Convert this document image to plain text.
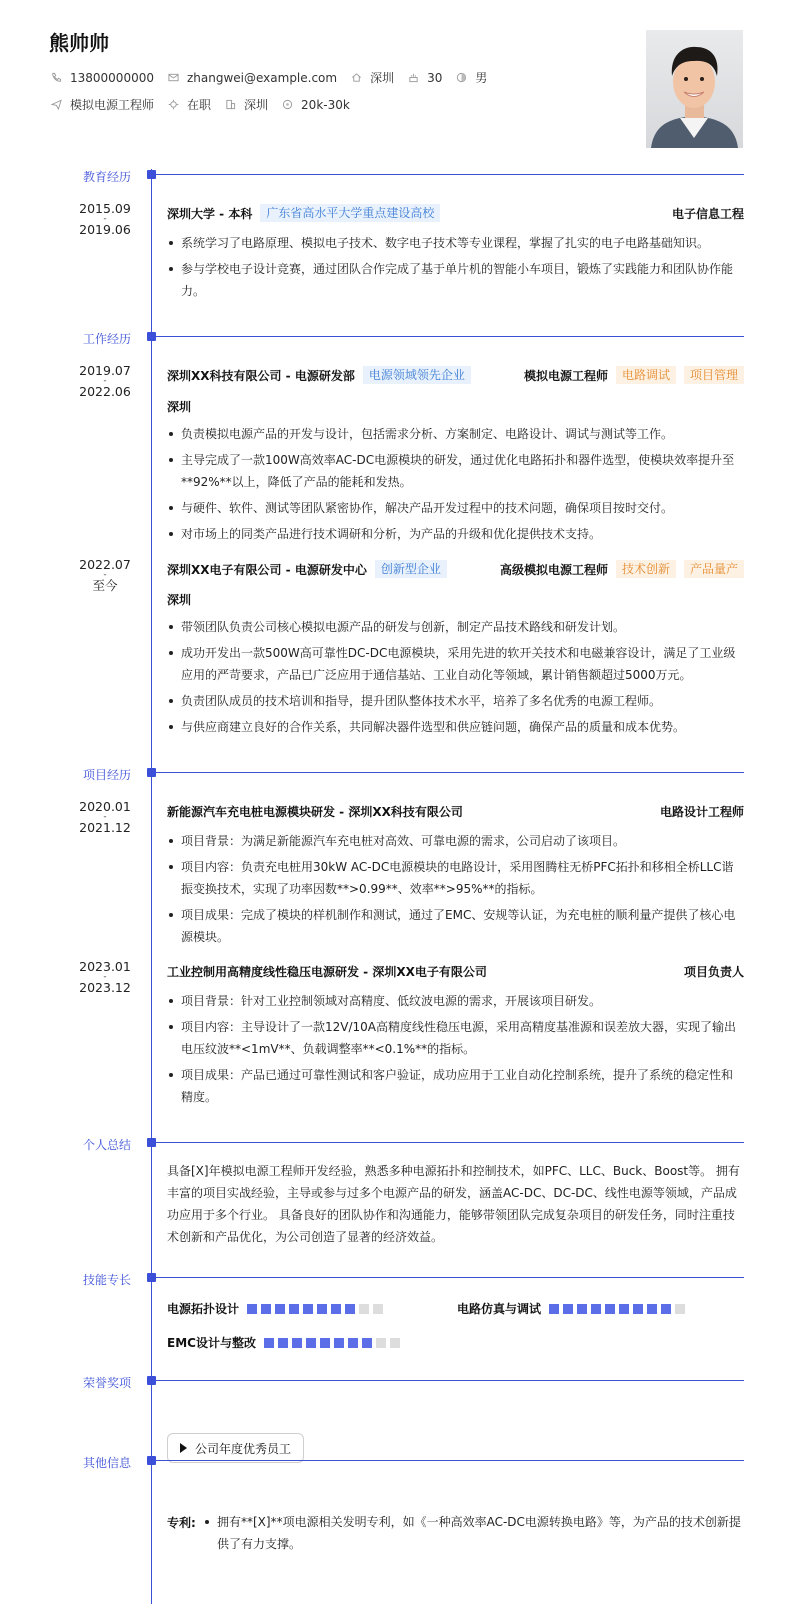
熊帅帅
13800000000	zhangwei@example.com	深圳	30	男
模拟电源工程师	在职	深圳	20k-30k
教育经历
2015.09
-
2019.06
深圳大学 - 本科	广东省高水平大学重点建设高校	电子信息工程
系统学习了电路原理、模拟电子技术、数字电子技术等专业课程，掌握了扎实的电子电路基础知识。
参与学校电子设计竞赛，通过团队合作完成了基于单片机的智能小车项目，锻炼了实践能力和团队协作能力。
工作经历
2019.07
-
2022.06
深圳XX科技有限公司 - 电源研发部	电源领域领先企业	模拟电源工程师	电路调试	项目管理
深圳
负责模拟电源产品的开发与设计，包括需求分析、方案制定、电路设计、调试与测试等工作。
主导完成了一款100W高效率AC-DC电源模块的研发，通过优化电路拓扑和器件选型，使模块效率提升至**92%**以上，降低了产品的能耗和发热。
与硬件、软件、测试等团队紧密协作，解决产品开发过程中的技术问题，确保项目按时交付。
对市场上的同类产品进行技术调研和分析，为产品的升级和优化提供技术支持。
2022.07
-
至今
深圳XX电子有限公司 - 电源研发中心	创新型企业	高级模拟电源工程师	技术创新	产品量产
深圳
带领团队负责公司核心模拟电源产品的研发与创新，制定产品技术路线和研发计划。
成功开发出一款500W高可靠性DC-DC电源模块，采用先进的软开关技术和电磁兼容设计，满足了工业级应用的严苛要求，产品已广泛应用于通信基站、工业自动化等领域，累计销售额超过5000万元。
负责团队成员的技术培训和指导，提升团队整体技术水平，培养了多名优秀的电源工程师。
与供应商建立良好的合作关系，共同解决器件选型和供应链问题，确保产品的质量和成本优势。
项目经历
2020.01
-
2021.12
新能源汽车充电桩电源模块研发 - 深圳XX科技有限公司	电路设计工程师
项目背景：为满足新能源汽车充电桩对高效、可靠电源的需求，公司启动了该项目。
项目内容：负责充电桩用30kW AC-DC电源模块的电路设计，采用图腾柱无桥PFC拓扑和移相全桥LLC谐振变换技术，实现了功率因数**>0.99**、效率**>95%**的指标。
项目成果：完成了模块的样机制作和测试，通过了EMC、安规等认证，为充电桩的顺利量产提供了核心电源模块。
2023.01
-
2023.12
工业控制用高精度线性稳压电源研发 - 深圳XX电子有限公司	项目负责人
项目背景：针对工业控制领域对高精度、低纹波电源的需求，开展该项目研发。
项目内容：主导设计了一款12V/10A高精度线性稳压电源，采用高精度基准源和误差放大器，实现了输出电压纹波**<1mV**、负载调整率**<0.1%**的指标。
项目成果：产品已通过可靠性测试和客户验证，成功应用于工业自动化控制系统，提升了系统的稳定性和精度。
个人总结
具备[X]年模拟电源工程师开发经验，熟悉多种电源拓扑和控制技术，如PFC、LLC、Buck、Boost等。 拥有丰富的项目实战经验，主导或参与过多个电源产品的研发，涵盖AC-DC、DC-DC、线性电源等领域，产品成功应用于多个行业。 具备良好的团队协作和沟通能力，能够带领团队完成复杂项目的研发任务，同时注重技术创新和产品优化，为公司创造了显著的经济效益。
技能专长
电源拓扑设计	电路仿真与调试
EMC设计与整改
荣誉奖项
公司年度优秀员工
其他信息
专利:	拥有**[X]**项电源相关发明专利，如《一种高效率AC-DC电源转换电路》等，为产品的技术创新提供了有力支撑。
